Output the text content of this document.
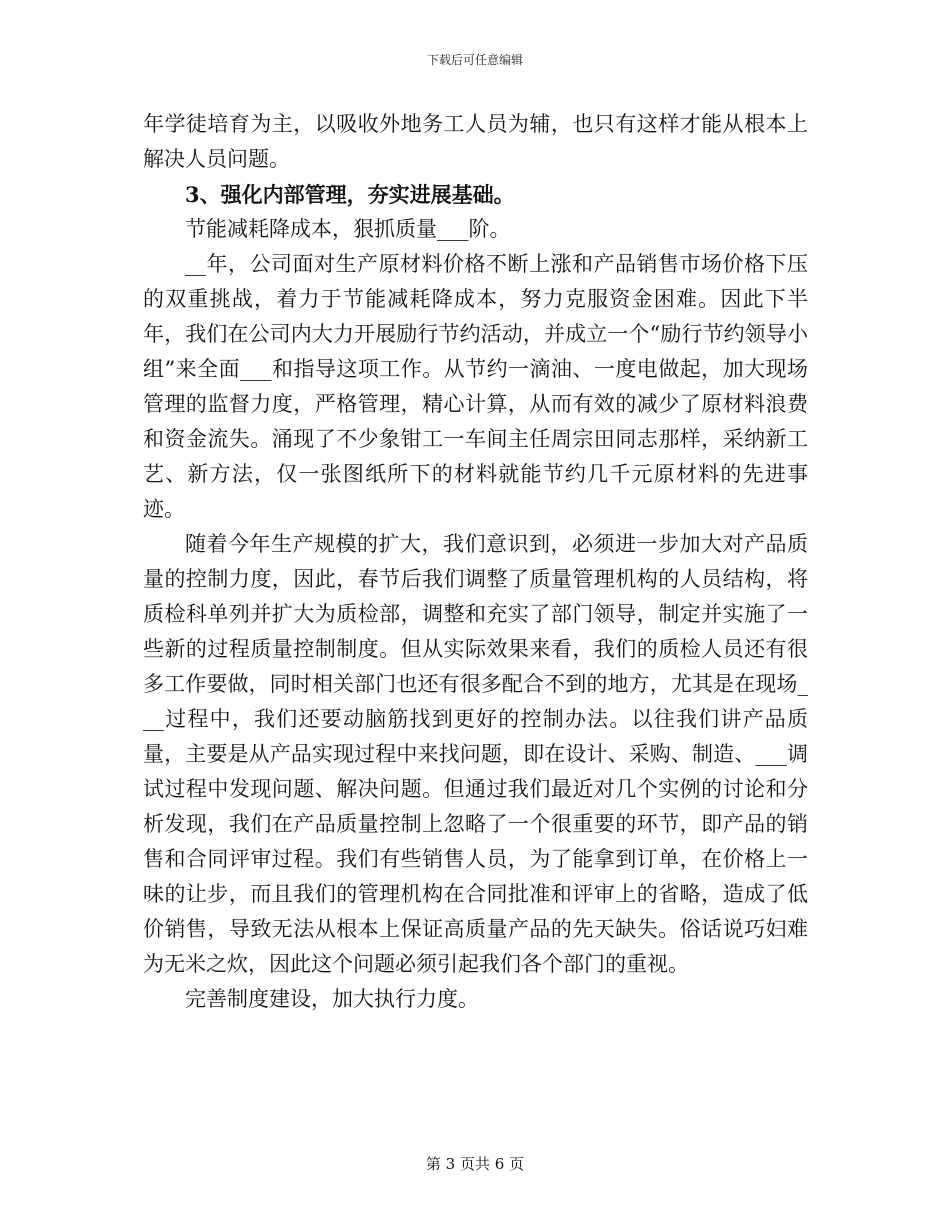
下载后可任意编辑

年学徒培育为主，以吸收外地务工人员为辅，也只有这样才能从根本上解决人员问题。

3、强化内部管理，夯实进展基础。

节能减耗降成本，狠抓质量___阶。

__年，公司面对生产原材料价格不断上涨和产品销售市场价格下压的双重挑战，着力于节能减耗降成本，努力克服资金困难。因此下半年，我们在公司内大力开展励行节约活动，并成立一个“励行节约领导小组”来全面___和指导这项工作。从节约一滴油、一度电做起，加大现场管理的监督力度，严格管理，精心计算，从而有效的减少了原材料浪费和资金流失。涌现了不少象钳工一车间主任周宗田同志那样，采纳新工艺、新方法，仅一张图纸所下的材料就能节约几千元原材料的先进事迹。

随着今年生产规模的扩大，我们意识到，必须进一步加大对产品质量的控制力度，因此，春节后我们调整了质量管理机构的人员结构，将质检科单列并扩大为质检部，调整和充实了部门领导，制定并实施了一些新的过程质量控制制度。但从实际效果来看，我们的质检人员还有很多工作要做，同时相关部门也还有很多配合不到的地方，尤其是在现场___过程中，我们还要动脑筋找到更好的控制办法。以往我们讲产品质量，主要是从产品实现过程中来找问题，即在设计、采购、制造、___调试过程中发现问题、解决问题。但通过我们最近对几个实例的讨论和分析发现，我们在产品质量控制上忽略了一个很重要的环节，即产品的销售和合同评审过程。我们有些销售人员，为了能拿到订单，在价格上一味的让步，而且我们的管理机构在合同批准和评审上的省略，造成了低价销售，导致无法从根本上保证高质量产品的先天缺失。俗话说巧妇难为无米之炊，因此这个问题必须引起我们各个部门的重视。

完善制度建设，加大执行力度。

第 3 页共 6 页
